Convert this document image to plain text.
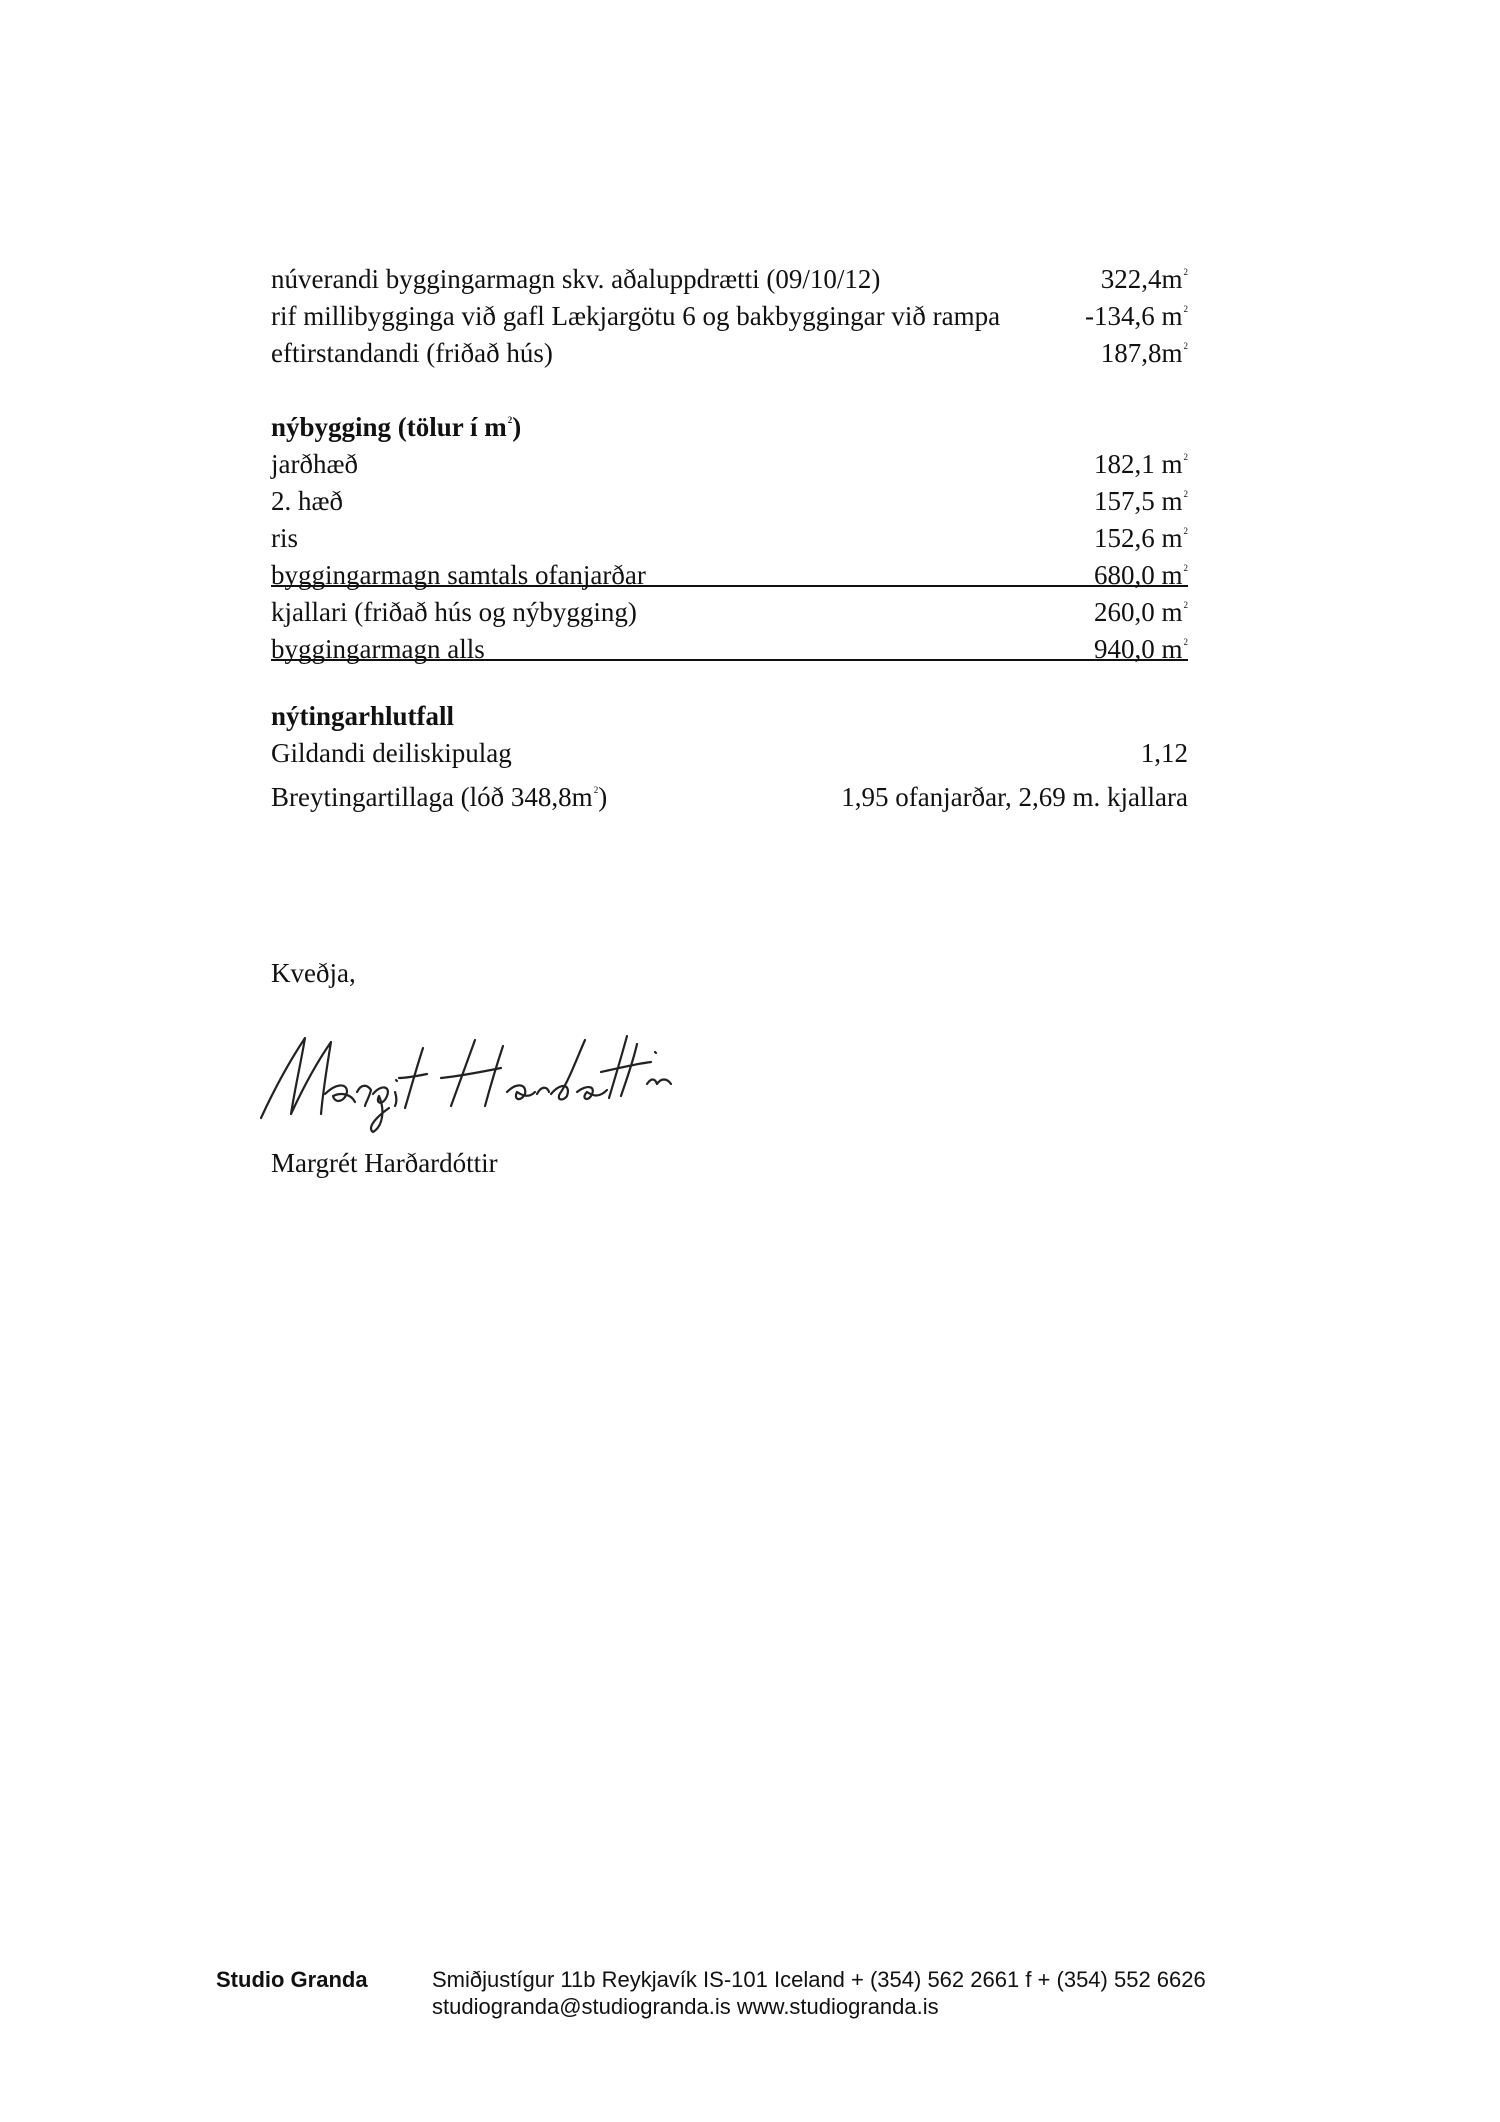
núverandi byggingarmagn skv. aðaluppdrætti (09/10/12)	$322,4m^2$
rif millibygginga við gafl Lækjargötu 6 og bakbyggingar við rampa	-134,6 $m^2$
eftirstandandi (friðað hús)	$187,8m^2$
nýbygging (tölur í $m^2$)
jarðhæð	182,1 $m^2$
2. hæð	157,5 $m^2$
ris	152,6 $m^2$
byggingarmagn samtals ofanjarðar	680,0 $m^2$
kjallari (friðað hús og nýbygging)	260,0 $m^2$
byggingarmagn alls	940,0 $m^2$
nýtingarhlutfall
Gildandi deiliskipulag	1,12
Breytingartillaga (lóð $348,8m^2$)	1,95 ofanjarðar, 2,69 m. kjallara
Kveðja,
Margrét Harðardóttir
Studio Granda	Smiðjustígur 11b Reykjavík IS-101 Iceland + (354) 562 2661 f + (354) 552 6626
studiogranda@studiogranda.is www.studiogranda.is
